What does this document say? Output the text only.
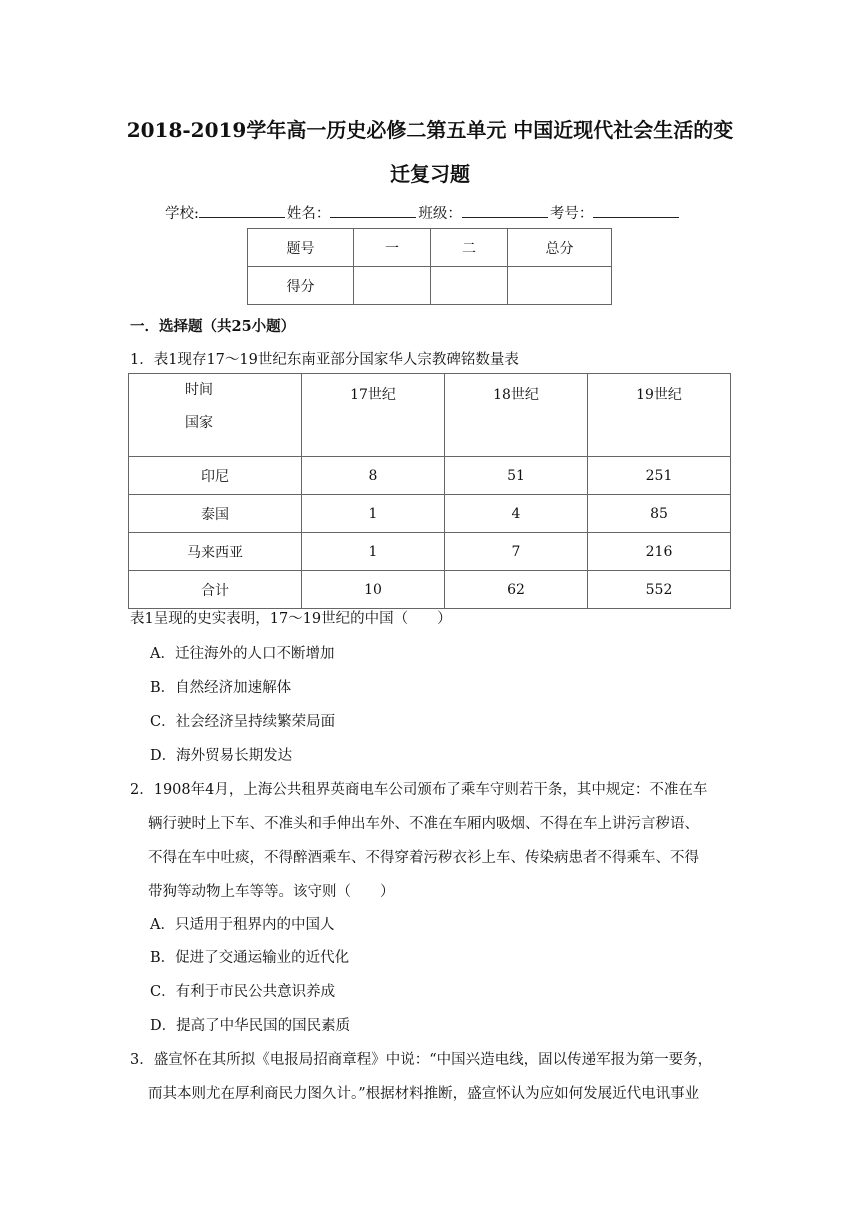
2018-2019学年高一历史必修二第五单元 中国近现代社会生活的变
迁复习题
学校:	姓名：	班级：	考号：
题号	一	二	总分
得分			
一．选择题（共25小题）
1．表1现存17～19世纪东南亚部分国家华人宗教碑铭数量表
时间
国家	17世纪	18世纪	19世纪
印尼	8	51	251
泰国	1	4	85
马来西亚	1	7	216
合计	10	62	552
表1呈现的史实表明，17～19世纪的中国（　　）
A．迁往海外的人口不断增加
B．自然经济加速解体
C．社会经济呈持续繁荣局面
D．海外贸易长期发达
2．1908年4月，上海公共租界英商电车公司颁布了乘车守则若干条，其中规定：不准在车
辆行驶时上下车、不准头和手伸出车外、不准在车厢内吸烟、不得在车上讲污言秽语、
不得在车中吐痰，不得醉酒乘车、不得穿着污秽衣衫上车、传染病患者不得乘车、不得
带狗等动物上车等等。该守则（　　）
A．只适用于租界内的中国人
B．促进了交通运输业的近代化
C．有利于市民公共意识养成
D．提高了中华民国的国民素质
3．盛宣怀在其所拟《电报局招商章程》中说：“中国兴造电线，固以传递军报为第一要务，
而其本则尤在厚利商民力图久计。”根据材料推断，盛宣怀认为应如何发展近代电讯事业
